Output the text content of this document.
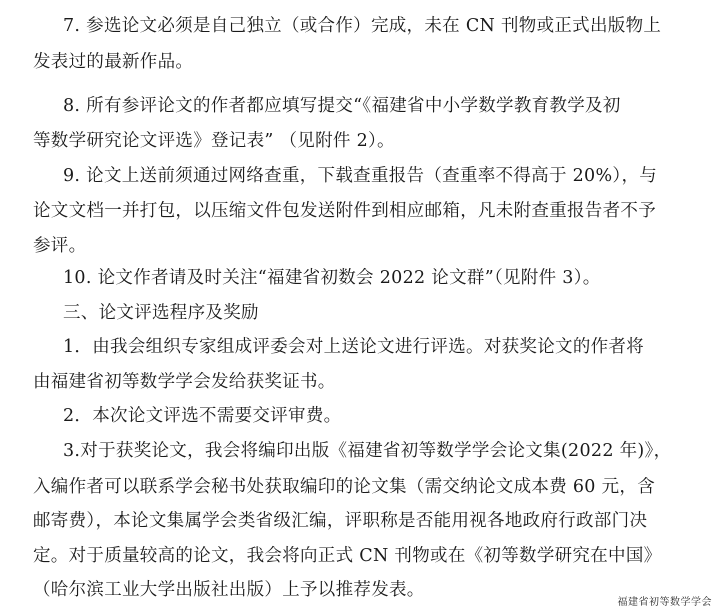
7. 参选论文必须是自己独立（或合作）完成，未在 CN 刊物或正式出版物上
发表过的最新作品。
8. 所有参评论文的作者都应填写提交“《福建省中小学数学教育教学及初
等数学研究论文评选》登记表” （见附件 2）。
9. 论文上送前须通过网络查重，下载查重报告（查重率不得高于 20%），与
论文文档一并打包，以压缩文件包发送附件到相应邮箱，凡未附查重报告者不予
参评。
10. 论文作者请及时关注“福建省初数会 2022 论文群”（见附件 3）。
三、论文评选程序及奖励
1．由我会组织专家组成评委会对上送论文进行评选。对获奖论文的作者将
由福建省初等数学学会发给获奖证书。
2．本次论文评选不需要交评审费。
3.对于获奖论文，我会将编印出版《福建省初等数学学会论文集(2022 年)》，
入编作者可以联系学会秘书处获取编印的论文集（需交纳论文成本费 60 元，含
邮寄费），本论文集属学会类省级汇编，评职称是否能用视各地政府行政部门决
定。对于质量较高的论文，我会将向正式 CN 刊物或在《初等数学研究在中国》
（哈尔滨工业大学出版社出版）上予以推荐发表。
福建省初等数学学会
